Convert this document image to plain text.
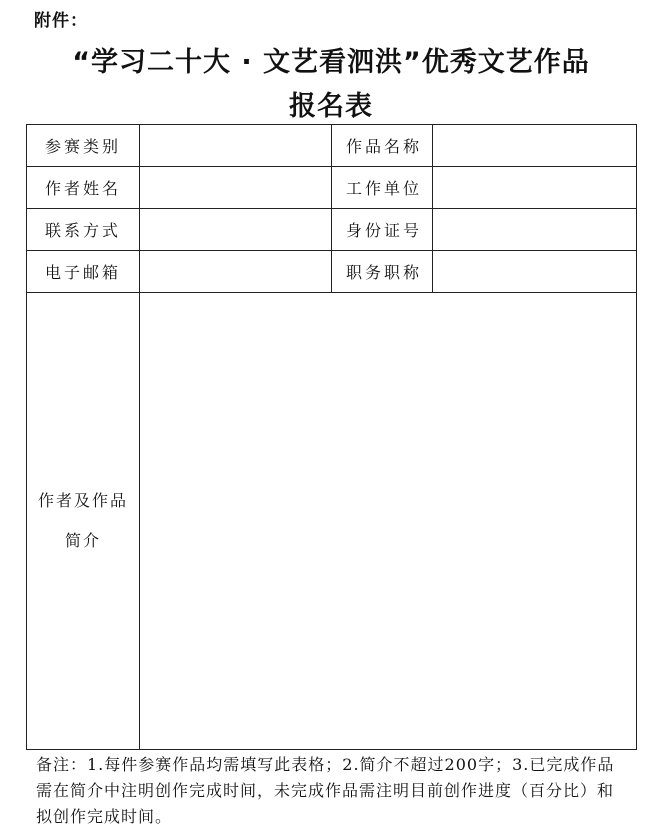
附件：
“学习二十大 · 文艺看泗洪”优秀文艺作品
报名表
参赛类别		作品名称	
作者姓名		工作单位	
联系方式		身份证号	
电子邮箱		职务职称	

作者及作品
简介			

备注：1.每件参赛作品均需填写此表格；2.简介不超过200字；3.已完成作品需在简介中注明创作完成时间，未完成作品需注明目前创作进度（百分比）和拟创作完成时间。
